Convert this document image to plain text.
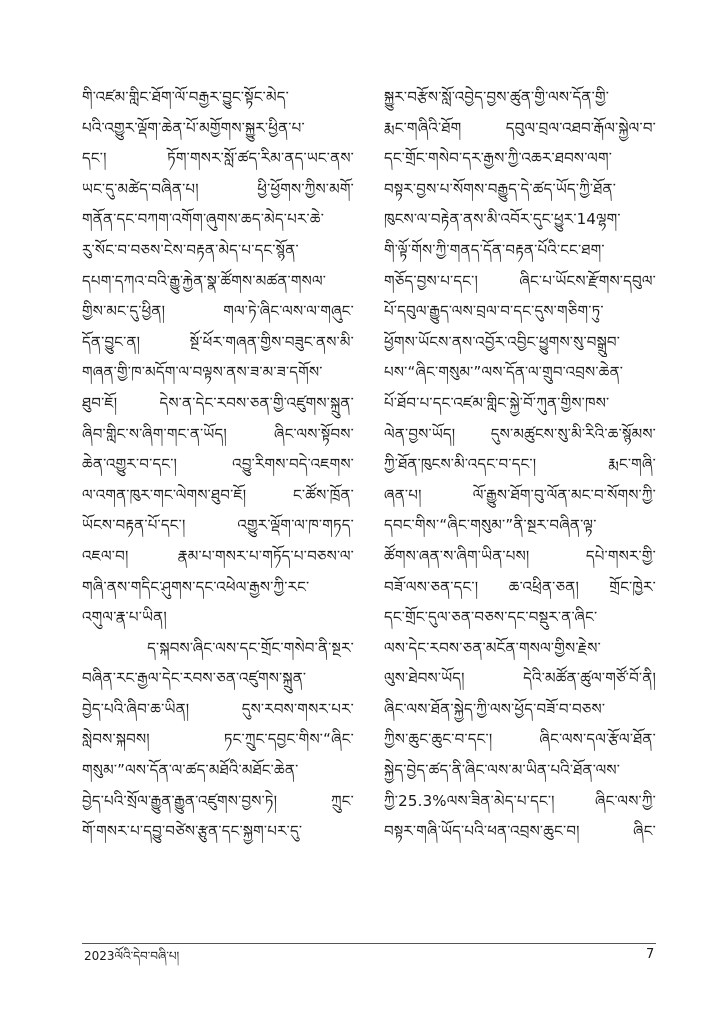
གི་འཛམ་གླིང་ཐོག་ལོ་བརྒྱར་བྱུང་སྟོང་མེད་
པའི་འགྱུར་ལྡོག་ཆེན་པོ་མགྱོགས་སྐྱུར་ཕྱིན་པ་
དང་། ཏོག་གསར་སློ་ཚད་རིམ་ནད་ཡང་ནས་
ཡང་དུ་མཚེད་བཞིན་པ། ཕྱི་ཕྱོགས་ཀྱིས་མགོ་
གནོན་དང་བཀག་འགོག་ཞུགས་ཆད་མེད་པར་ཆེ་
རུ་སོང་བ་བཅས་ངེས་བརྟན་མེད་པ་དང་སྙོན་
དཔག་དཀའ་བའི་རྒྱུ་རྐྱེན་སྣ་ཚོགས་མཚན་གསལ་
གྱིས་མང་དུ་ཕྱིན། གལ་ཏེ་ཞིང་ལས་ལ་གཞུང་
དོན་བྱུང་ན། སྔོ་ཕོར་གཞན་གྱིས་བཟུང་ནས་མི་
གཞན་གྱི་ཁ་མདོག་ལ་བལྟས་ནས་ཟ་མ་ཟ་དགོས་
ཐུབ་ཇོ། དེས་ན་དེང་རབས་ཅན་གྱི་འཛུགས་སྐྲུན་
ཞིབ་གླིང་ས་ཞིག་གང་ན་ཡོད། ཞིང་ལས་སྟོབས་
ཆེན་འགྱུར་བ་དང་། འབྱུ་རིགས་བདེ་འཇགས་
ལ་འགན་ཁུར་གང་ལེགས་ཐུབ་ཇོ། ང་ཚོས་ཁྲོན་
ཡོངས་བརྟན་པོ་དང་། འགྱུར་ལྡོག་ལ་ཁ་གཏད་
འཇལ་བ། རྣམ་པ་གསར་པ་གཏོད་པ་བཅས་ལ་
གཞི་ནས་གདིང་ཤུགས་དང་འཕེལ་རྒྱས་ཀྱི་རང་
འགུལ་རྣ་པ་ཡིན།
　　ད་སྐབས་ཞིང་ལས་དང་གྲོང་གསེབ་ནི་སྔར་
བཞིན་རང་རྒྱལ་དེང་རབས་ཅན་འཛུགས་སྐྲུན་
བྱེད་པའི་ཞིབ་ཆ་ཡིན། དུས་རབས་གསར་པར་
སླེབས་སྐབས། ཏང་ཀྲུང་དབྱང་གིས་“ཞིང་
གསུམ་”ལས་དོན་ལ་ཚད་མཐོའི་མཐོང་ཆེན་
བྱེད་པའི་སྲོལ་རྒྱུན་རྒྱུན་འཛུགས་བྱས་ཏེ། ཀྲུང་
གོ་གསར་པ་དབྱུ་བཙེས་རྩུན་དང་སྐྱག་པར་དུ་
སྐྱུར་བརྩོས་སློ་འབྱེད་བྱས་ཚུན་གྱི་ལས་དོན་གྱི་
རྨང་གཞིའི་ཐོག དབུལ་བྲལ་འཐབ་རྒོལ་སྐྱེལ་བ་
དང་གྲོང་གསེབ་དར་རྒྱས་ཀྱི་འཆར་ཐབས་ལག་
བསྟར་བྱས་པ་སོགས་བརྒྱུད་དེ་ཚད་ཡོད་ཀྱི་ཐོན་
ཁུངས་ལ་བརྟེན་ནས་མི་འབོར་དུང་ཕྱུར་14ལྷག་
གི་ལྟོ་གོས་ཀྱི་གནད་དོན་བརྟན་པོའི་ངང་ཐག་
གཅོད་བྱས་པ་དང་། ཞིང་པ་ཡོངས་རྫོགས་དབུལ་
པོ་དབུལ་རྒྱུད་ལས་བྲལ་བ་དང་དུས་གཅིག་ཏུ་
ཕྱོགས་ཡོངས་ནས་འབྱོར་འབྱིང་ཕྱུགས་སུ་བསྒྲུབ་
པས་“ཞིང་གསུམ་”ལས་དོན་ལ་གྲུབ་འབྲས་ཆེན་
པོ་ཐོབ་པ་དང་འཛམ་གླིང་སྐྱེ་བོ་ཀུན་གྱིས་ཁས་
ལེན་བྱས་ཡོད། དུས་མཚུངས་སུ་མི་རིའི་ཆ་སྙོམས་
ཀྱི་ཐོན་ཁུངས་མི་འདང་བ་དང་། རྨང་གཞི་
ཞན་པ། ལོ་རྒྱུས་ཐོག་བུ་ལོན་མང་བ་སོགས་ཀྱི་
དབང་གིས་“ཞིང་གསུམ་”ནི་སྔར་བཞིན་ལྟ་
ཚོགས་ཞན་ས་ཞིག་ཡིན་པས། དཔེ་གསར་གྱི་
བཟོ་ལས་ཅན་དང་། ཆ་འཕྲིན་ཅན། གྲོང་ཁྱེར་
དང་གྲོང་དུལ་ཅན་བཅས་དང་བསྡུར་ན་ཞིང་
ལས་དེང་རབས་ཅན་མངོན་གསལ་གྱིས་རྗེས་
ལུས་ཐེབས་ཡོད། དེའི་མཚོན་ཚུལ་གཙོ་བོ་ནི།
ཞིང་ལས་ཐོན་སྐྱེད་ཀྱི་ལས་ཕྱོད་བཟོ་བ་བཅས་
ཀྱིས་ཆུང་ཆུང་བ་དང་། ཞིང་ལས་དལ་རྩོལ་ཐོན་
སྐྱེད་བྱེད་ཚད་ནི་ཞིང་ལས་མ་ཡིན་པའི་ཐོན་ལས་
ཀྱི་25.3%ལས་ཟིན་མེད་པ་དང་། ཞིང་ལས་ཀྱི་
བསྟར་གཞི་ཡོད་པའི་ཕན་འབྲས་ཆུང་བ། ཞིང་
2023ལོའི་དེབ་བཞི་པ།	7
